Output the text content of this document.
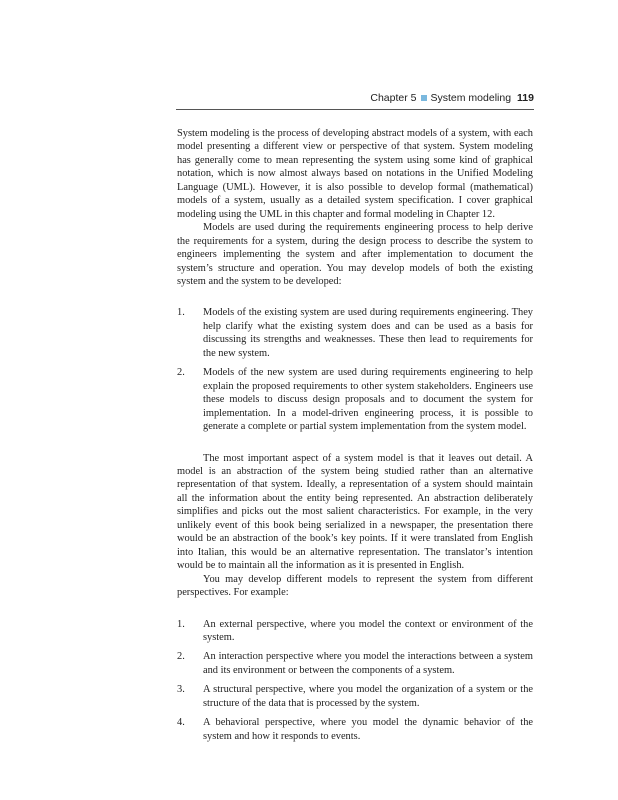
Chapter 5 System modeling 119

System modeling is the process of developing abstract models of a system, with each model presenting a different view or perspective of that system. System modeling has generally come to mean representing the system using some kind of graphical notation, which is now almost always based on notations in the Unified Modeling Language (UML). However, it is also possible to develop formal (mathematical) models of a system, usually as a detailed system specification. I cover graphical modeling using the UML in this chapter and formal modeling in Chapter 12.

Models are used during the requirements engineering process to help derive the requirements for a system, during the design process to describe the system to engineers implementing the system and after implementation to document the system’s structure and operation. You may develop models of both the existing system and the system to be developed:

1. Models of the existing system are used during requirements engineering. They help clarify what the existing system does and can be used as a basis for discussing its strengths and weaknesses. These then lead to requirements for the new system.
2. Models of the new system are used during requirements engineering to help explain the proposed requirements to other system stakeholders. Engineers use these models to discuss design proposals and to document the system for implementation. In a model-driven engineering process, it is possible to generate a complete or partial system implementation from the system model.

The most important aspect of a system model is that it leaves out detail. A model is an abstraction of the system being studied rather than an alternative representation of that system. Ideally, a representation of a system should maintain all the information about the entity being represented. An abstraction deliberately simplifies and picks out the most salient characteristics. For example, in the very unlikely event of this book being serialized in a newspaper, the presentation there would be an abstraction of the book’s key points. If it were translated from English into Italian, this would be an alternative representation. The translator’s intention would be to maintain all the information as it is presented in English.

You may develop different models to represent the system from different perspectives. For example:

1. An external perspective, where you model the context or environment of the system.
2. An interaction perspective where you model the interactions between a system and its environment or between the components of a system.
3. A structural perspective, where you model the organization of a system or the structure of the data that is processed by the system.
4. A behavioral perspective, where you model the dynamic behavior of the system and how it responds to events.
